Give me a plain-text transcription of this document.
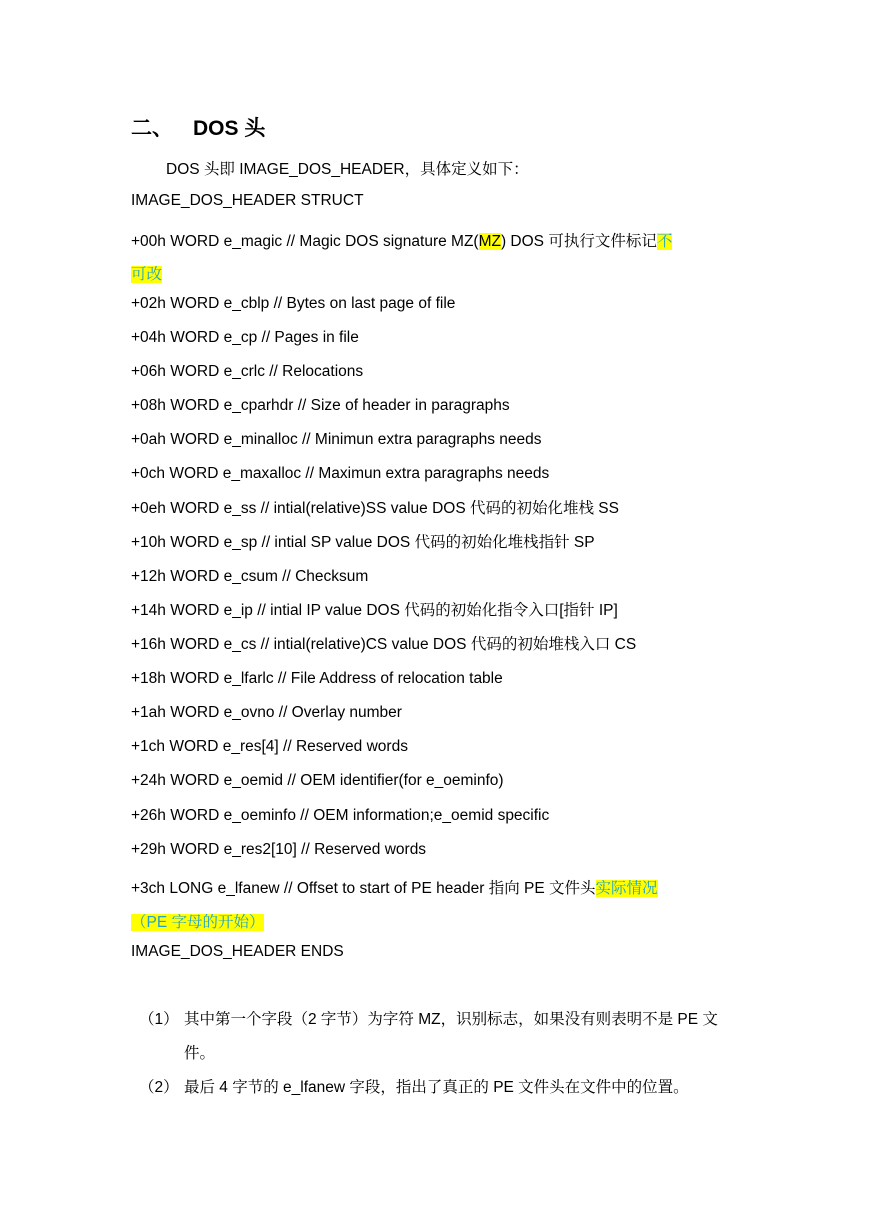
二、 DOS 头
DOS 头即 IMAGE_DOS_HEADER，具体定义如下：
IMAGE_DOS_HEADER STRUCT
+00h WORD e_magic // Magic DOS signature MZ(MZ) DOS 可执行文件标记不
可改
+02h WORD e_cblp // Bytes on last page of file
+04h WORD e_cp // Pages in file
+06h WORD e_crlc // Relocations
+08h WORD e_cparhdr // Size of header in paragraphs
+0ah WORD e_minalloc // Minimun extra paragraphs needs
+0ch WORD e_maxalloc // Maximun extra paragraphs needs
+0eh WORD e_ss // intial(relative)SS value DOS 代码的初始化堆栈 SS
+10h WORD e_sp // intial SP value DOS 代码的初始化堆栈指针 SP
+12h WORD e_csum // Checksum
+14h WORD e_ip // intial IP value DOS 代码的初始化指令入口[指针 IP]
+16h WORD e_cs // intial(relative)CS value DOS 代码的初始堆栈入口 CS
+18h WORD e_lfarlc // File Address of relocation table
+1ah WORD e_ovno // Overlay number
+1ch WORD e_res[4] // Reserved words
+24h WORD e_oemid // OEM identifier(for e_oeminfo)
+26h WORD e_oeminfo // OEM information;e_oemid specific
+29h WORD e_res2[10] // Reserved words
+3ch LONG e_lfanew // Offset to start of PE header 指向 PE 文件头实际情况
（PE 字母的开始）
IMAGE_DOS_HEADER ENDS
（1） 其中第一个字段（2 字节）为字符 MZ，识别标志，如果没有则表明不是 PE 文件。
（2） 最后 4 字节的 e_lfanew 字段，指出了真正的 PE 文件头在文件中的位置。
